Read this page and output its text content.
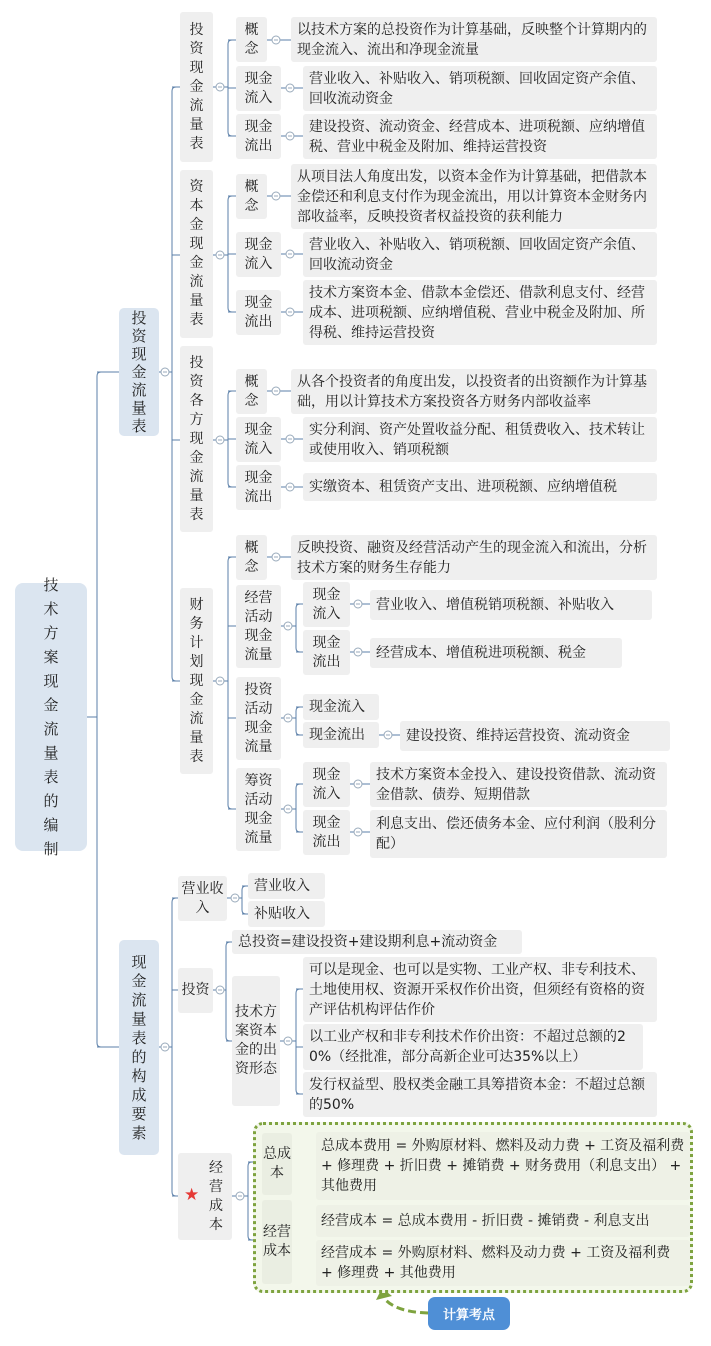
技术方案现金流量表的编制
投资现金流量表
现金流量表的构成要素
投资现金流量表
概念
以技术方案的总投资作为计算基础，反映整个计算期内的现金流入、流出和净现金流量
现金流入
营业收入、补贴收入、销项税额、回收固定资产余值、回收流动资金
现金流出
建设投资、流动资金、经营成本、进项税额、应纳增值税、营业中税金及附加、维持运营投资
资本金现金流量表
概念
从项目法人角度出发，以资本金作为计算基础，把借款本金偿还和利息支付作为现金流出，用以计算资本金财务内部收益率，反映投资者权益投资的获利能力
现金流入
营业收入、补贴收入、销项税额、回收固定资产余值、回收流动资金
现金流出
技术方案资本金、借款本金偿还、借款利息支付、经营成本、进项税额、应纳增值税、营业中税金及附加、所得税、维持运营投资
投资各方现金流量表
概念
从各个投资者的角度出发，以投资者的出资额作为计算基础，用以计算技术方案投资各方财务内部收益率
现金流入
实分利润、资产处置收益分配、租赁费收入、技术转让或使用收入、销项税额
现金流出
实缴资本、租赁资产支出、进项税额、应纳增值税
财务计划现金流量表
概念
反映投资、融资及经营活动产生的现金流入和流出，分析技术方案的财务生存能力
经营活动现金流量
现金流入
营业收入、增值税销项税额、补贴收入
现金流出
经营成本、增值税进项税额、税金
投资活动现金流量
现金流入
现金流出	建设投资、维持运营投资、流动资金
筹资活动现金流量
现金流入
技术方案资本金投入、建设投资借款、流动资金借款、债券、短期借款
现金流出
利息支出、偿还债务本金、应付利润（股利分配）
营业收入
营业收入
补贴收入
投资
总投资=建设投资+建设期利息+流动资金
技术方案资本金的出资形态
可以是现金、也可以是实物、工业产权、非专利技术、土地使用权、资源开采权作价出资，但须经有资格的资产评估机构评估作价
以工业产权和非专利技术作价出资：不超过总额的20%（经批准，部分高新企业可达35%以上）
发行权益型、股权类金融工具筹措资本金：不超过总额的50%
经营成本
★
总成本
总成本费用 = 外购原材料、燃料及动力费 + 工资及福利费 + 修理费 + 折旧费 + 摊销费 + 财务费用（利息支出） + 其他费用
经营成本
经营成本 = 总成本费用 - 折旧费 - 摊销费 - 利息支出
经营成本 = 外购原材料、燃料及动力费 + 工资及福利费 + 修理费 + 其他费用
计算考点
